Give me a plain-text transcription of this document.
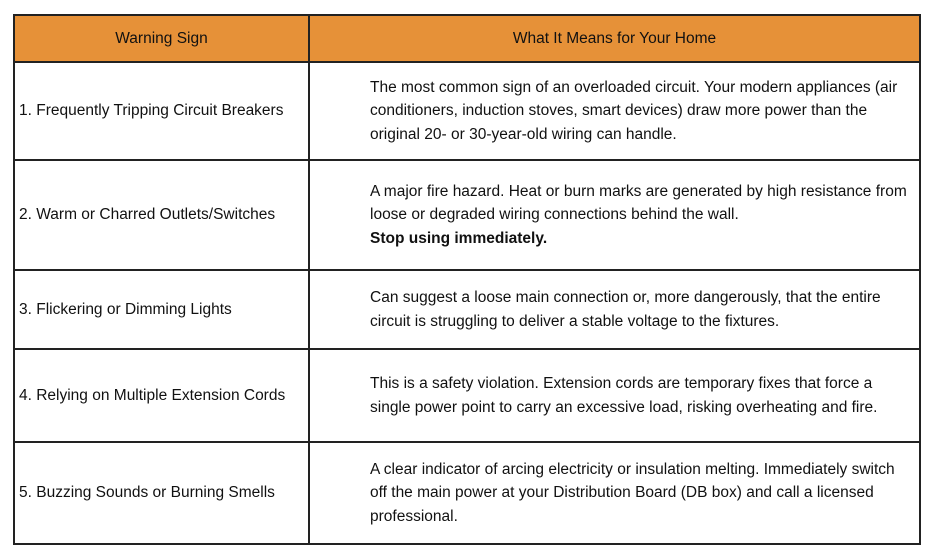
Warning Sign	What It Means for Your Home
1. Frequently Tripping Circuit Breakers	The most common sign of an overloaded circuit. Your modern appliances (air conditioners, induction stoves, smart devices) draw more power than the original 20- or 30-year-old wiring can handle.
2. Warm or Charred Outlets/Switches	A major fire hazard. Heat or burn marks are generated by high resistance from loose or degraded wiring connections behind the wall.
Stop using immediately.
3. Flickering or Dimming Lights	Can suggest a loose main connection or, more dangerously, that the entire circuit is struggling to deliver a stable voltage to the fixtures.
4. Relying on Multiple Extension Cords	This is a safety violation. Extension cords are temporary fixes that force a single power point to carry an excessive load, risking overheating and fire.
5. Buzzing Sounds or Burning Smells	A clear indicator of arcing electricity or insulation melting. Immediately switch off the main power at your Distribution Board (DB box) and call a licensed professional.
